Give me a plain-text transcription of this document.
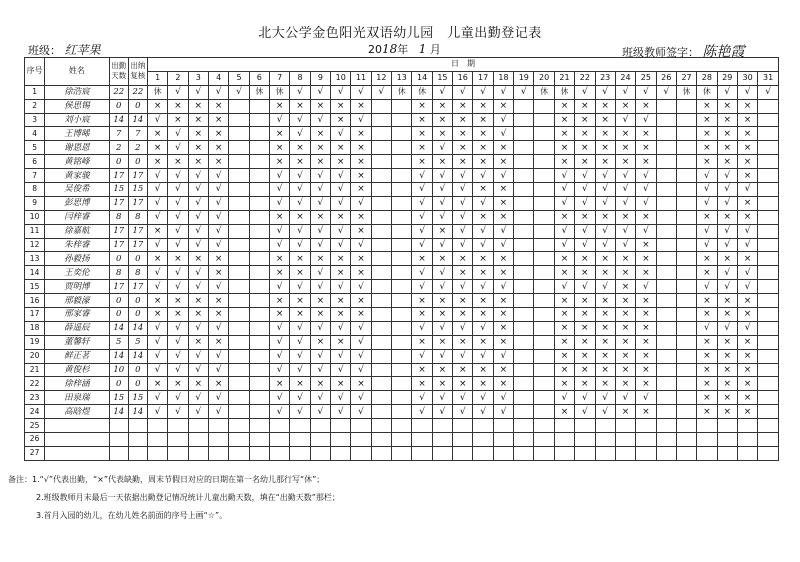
北大公学金色阳光双语幼儿园　儿童出勤登记表
班级： 红苹果	2018年 1 月	班级教师签字： 陈艳霞
序号	姓名	出勤天数	出纳复核	日　期																														
				1	2	3	4	5	6	7	8	9	10	11	12	13	14	15	16	17	18	19	20	21	22	23	24	25	26	27	28	29	30	31
1	徐浩宸	22	22	休	√	√	√	√	休	休	√	√	√	√	√	休	休	√	√	√	√	√	休	休	√	√	√	√	√	休	休	√	√	√
2	侯思锡	0	0	×	×	×	×			×	×	×	×	×			×	×	×	×	×			×	×	×	×	×			×	×	×	
3	刘小宸	14	14	√	×	×	×			√	√	√	×	√			×	×	×	×	√			×	×	×	√	√			×	×	×	
4	王博晞	7	7	×	√	×	×			×	√	×	√	×			×	×	×	×	√			×	×	×	×	×			×	×	×	
5	谢恩恩	2	2	×	√	×	×			×	×	×	×	×			×	√	×	×	×			×	×	×	×	×			×	×	×	
6	黄铭峰	0	0	×	×	×	×			×	×	×	×	×			×	×	×	×	×			×	×	×	×	×			×	×	×	
7	黄家骏	17	17	√	√	√	√			√	√	√	√	×			√	√	√	√	√			√	√	√	√	√			√	√	×	
8	吴俊希	15	15	√	√	√	√			√	√	√	√	×			√	√	√	×	×			√	√	√	√	√			√	√	√	
9	彭思博	17	17	√	√	√	√			√	√	√	√	√			√	√	√	√	×			√	√	√	√	√			√	√	×	
10	闫梓睿	8	8	√	√	√	√			×	×	×	×	×			√	√	√	×	×			×	×	×	×	×			×	×	×	
11	徐嘉航	17	17	×	√	√	√			√	√	√	√	×			√	×	√	√	√			√	√	√	√	√			√	√	√	
12	朱梓睿	17	17	√	√	√	√			√	√	√	√	√			√	√	√	√	√			√	√	√	√	×			√	√	√	
13	孙毅扬	0	0	×	×	×	×			×	×	×	×	×			×	×	×	×	×			×	×	×	×	×			×	×	×	
14	王奕伦	8	8	√	√	√	×			×	×	√	×	×			√	√	×	×	×			×	×	×	×	×			×	√	√	
15	贾明博	17	17	√	√	√	√			√	√	√	√	√			√	√	√	√	√			√	√	√	×	√			√	√	√	
16	邢毅濠	0	0	×	×	×	×			×	×	×	×	×			×	×	×	×	×			×	×	×	×	×			×	×	×	
17	邢家睿	0	0	×	×	×	×			×	×	×	×	×			×	×	×	×	×			×	×	×	×	×			×	×	×	
18	薛遥辰	14	14	√	√	√	√			√	√	√	√	√			√	√	√	√	×			×	×	×	×	×			√	√	√	
19	董馨轩	5	5	√	√	×	×			√	√	×	×	√			×	×	×	×	×			×	×	×	×	×			×	×	×	
20	鲜正茗	14	14	√	√	√	√			√	√	√	√	√			√	√	√	√	√			×	×	×	×	×			×	×	×	
21	黄俊杉	10	0	√	√	√	√			√	√	√	√	√			×	×	×	×	×			×	×	×	×	×			×	×	×	
22	徐梓涵	0	0	×	×	×	×			×	×	×	×	×			×	×	×	×	×			×	×	×	×	×			×	×	×	
23	田泉瑞	15	15	√	√	√	√			√	√	√	√	√			√	√	√	√	√			√	√	√	√	√			×	×	×	
24	高晗煜	14	14	√	√	√	√			√	√	√	√	√			√	√	√	√	√			×	√	√	×	×			×	×	×	
25																																		
26																																		
27																																		
备注：1.“√”代表出勤，“×”代表缺勤，周末节假日对应的日期在第一名幼儿那行写“休”；
2.班级教师月末最后一天依据出勤登记情况统计儿童出勤天数，填在“出勤天数”那栏；
3.首月入园的幼儿，在幼儿姓名前面的序号上画“☆”。
